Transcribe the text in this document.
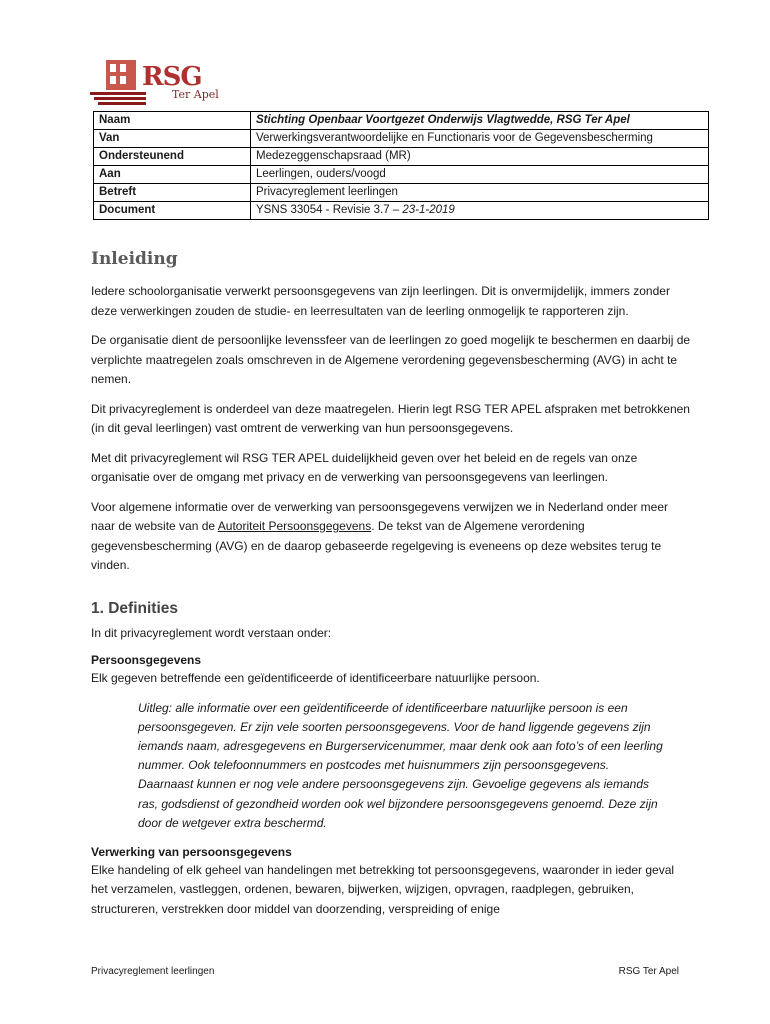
RSG
Ter Apel
Naam	Stichting Openbaar Voortgezet Onderwijs Vlagtwedde, RSG Ter Apel
Van	Verwerkingsverantwoordelijke en Functionaris voor de Gegevensbescherming
Ondersteunend	Medezeggenschapsraad (MR)
Aan	Leerlingen, ouders/voogd
Betreft	Privacyreglement leerlingen
Document	YSNS 33054 - Revisie 3.7 – 23-1-2019
Inleiding

Iedere schoolorganisatie verwerkt persoonsgegevens van zijn leerlingen. Dit is onvermijdelijk, immers zonder deze verwerkingen zouden de studie- en leerresultaten van de leerling onmogelijk te rapporteren zijn.

De organisatie dient de persoonlijke levenssfeer van de leerlingen zo goed mogelijk te beschermen en daarbij de verplichte maatregelen zoals omschreven in de Algemene verordening gegevensbescherming (AVG) in acht te nemen.

Dit privacyreglement is onderdeel van deze maatregelen. Hierin legt RSG TER APEL afspraken met betrokkenen (in dit geval leerlingen) vast omtrent de verwerking van hun persoonsgegevens.

Met dit privacyreglement wil RSG TER APEL duidelijkheid geven over het beleid en de regels van onze organisatie over de omgang met privacy en de verwerking van persoonsgegevens van leerlingen.

Voor algemene informatie over de verwerking van persoonsgegevens verwijzen we in Nederland onder meer naar de website van de Autoriteit Persoonsgegevens. De tekst van de Algemene verordening gegevensbescherming (AVG) en de daarop gebaseerde regelgeving is eveneens op deze websites terug te vinden.

1. Definities

In dit privacyreglement wordt verstaan onder:

Persoonsgegevens

Elk gegeven betreffende een geïdentificeerde of identificeerbare natuurlijke persoon.

Uitleg: alle informatie over een geïdentificeerde of identificeerbare natuurlijke persoon is een persoonsgegeven. Er zijn vele soorten persoonsgegevens. Voor de hand liggende gegevens zijn iemands naam, adresgegevens en Burgerservicenummer, maar denk ook aan foto’s of een leerling nummer. Ook telefoonnummers en postcodes met huisnummers zijn persoonsgegevens. Daarnaast kunnen er nog vele andere persoonsgegevens zijn. Gevoelige gegevens als iemands ras, godsdienst of gezondheid worden ook wel bijzondere persoonsgegevens genoemd. Deze zijn door de wetgever extra beschermd.
Verwerking van persoonsgegevens

Elke handeling of elk geheel van handelingen met betrekking tot persoonsgegevens, waaronder in ieder geval het verzamelen, vastleggen, ordenen, bewaren, bijwerken, wijzigen, opvragen, raadplegen, gebruiken, structureren, verstrekken door middel van doorzending, verspreiding of enige

Privacyreglement leerlingen	RSG Ter Apel
